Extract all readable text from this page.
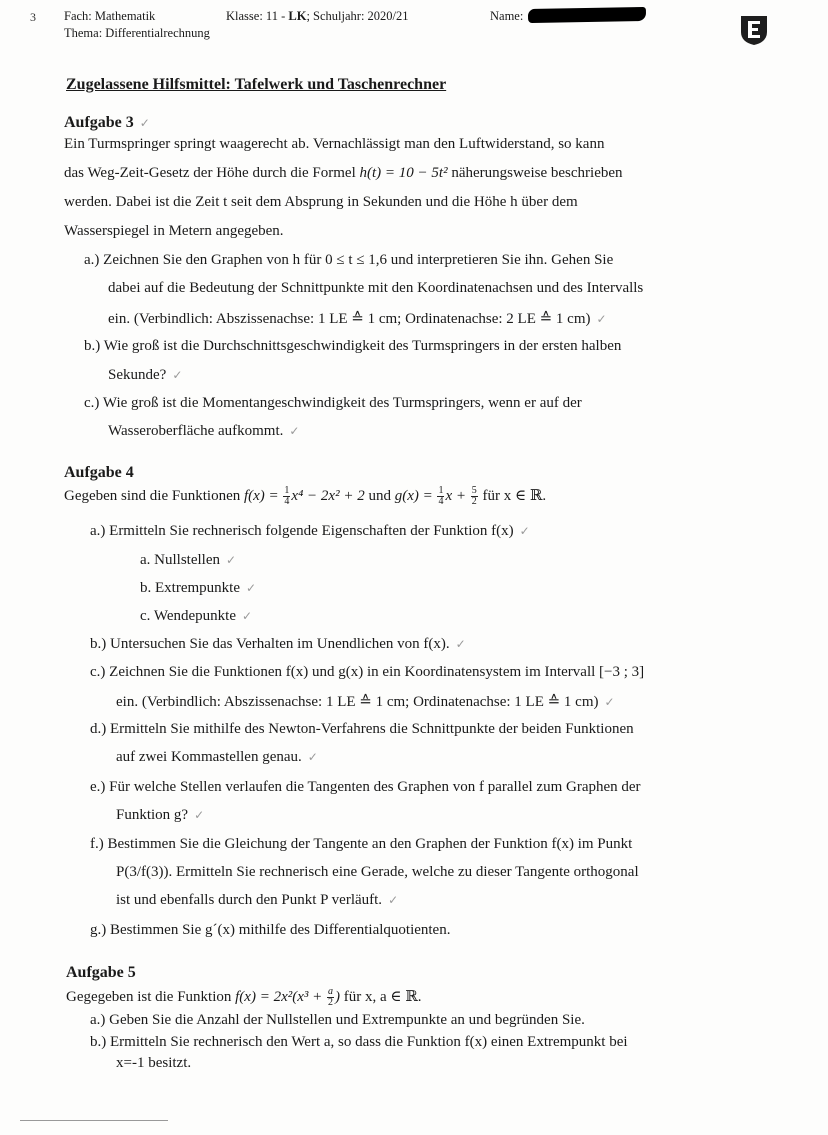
3 Fach: Mathematik	Klasse: 11 - LK; Schuljahr: 2020/21	Name:
Thema: Differentialrechnung
Zugelassene Hilfsmittel: Tafelwerk und Taschenrechner
Aufgabe 3 ✓
Ein Turmspringer springt waagerecht ab. Vernachlässigt man den Luftwiderstand, so kann
das Weg-Zeit-Gesetz der Höhe durch die Formel h(t) = 10 − 5t² näherungsweise beschrieben
werden. Dabei ist die Zeit t seit dem Absprung in Sekunden und die Höhe h über dem
Wasserspiegel in Metern angegeben.
a.) Zeichnen Sie den Graphen von h für 0 ≤ t ≤ 1,6 und interpretieren Sie ihn. Gehen Sie
dabei auf die Bedeutung der Schnittpunkte mit den Koordinatenachsen und des Intervalls
ein. (Verbindlich: Abszissenachse: 1 LE ≙ 1 cm; Ordinatenachse: 2 LE ≙ 1 cm) ✓
b.) Wie groß ist die Durchschnittsgeschwindigkeit des Turmspringers in der ersten halben
Sekunde? ✓
c.) Wie groß ist die Momentangeschwindigkeit des Turmspringers, wenn er auf der
Wasseroberfläche aufkommt. ✓
Aufgabe 4
Gegeben sind die Funktionen $f(x) = \frac{1}{4} x^4 - 2x^2 + 2$ und $g(x) = \frac{1}{4}$ $x + \frac{5}{2}$ für x ∈ ℝ.
a.) Ermitteln Sie rechnerisch folgende Eigenschaften der Funktion f(x) ✓
a. Nullstellen ✓
b. Extrempunkte ✓
c. Wendepunkte ✓
b.) Untersuchen Sie das Verhalten im Unendlichen von f(x). ✓
c.) Zeichnen Sie die Funktionen f(x) und g(x) in ein Koordinatensystem im Intervall [−3 ; 3]
ein. (Verbindlich: Abszissenachse: 1 LE ≙ 1 cm; Ordinatenachse: 1 LE ≙ 1 cm) ✓
d.) Ermitteln Sie mithilfe des Newton-Verfahrens die Schnittpunkte der beiden Funktionen
auf zwei Kommastellen genau. ✓
e.) Für welche Stellen verlaufen die Tangenten des Graphen von f parallel zum Graphen der
Funktion g? ✓
f.) Bestimmen Sie die Gleichung der Tangente an den Graphen der Funktion f(x) im Punkt
P(3/f(3)). Ermitteln Sie rechnerisch eine Gerade, welche zu dieser Tangente orthogonal
ist und ebenfalls durch den Punkt P verläuft. ✓
g.) Bestimmen Sie g´(x) mithilfe des Differentialquotienten.
Aufgabe 5
Gegegeben ist die Funktion $f(x) = 2x^2(x^3 + \frac{a}{2}$ ) für x, a ∈ ℝ.
a.) Geben Sie die Anzahl der Nullstellen und Extrempunkte an und begründen Sie.
b.) Ermitteln Sie rechnerisch den Wert a, so dass die Funktion f(x) einen Extrempunkt bei
x=-1 besitzt.
